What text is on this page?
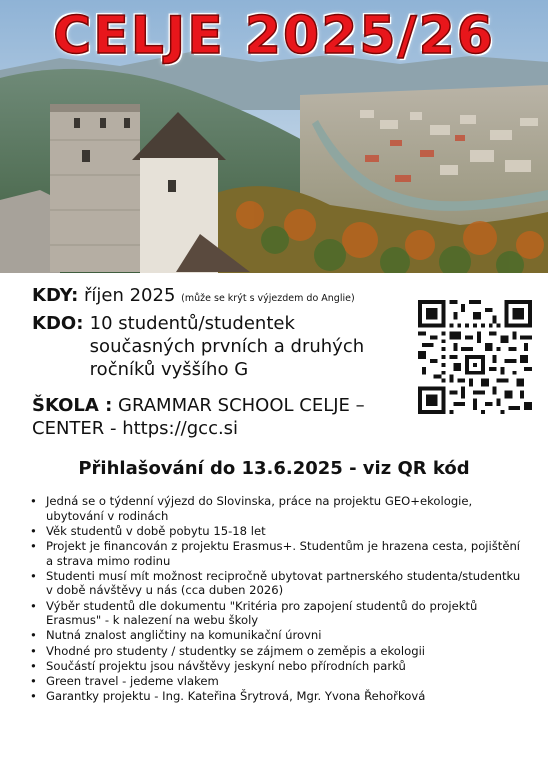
CELJE 2025/26
KDY: říjen 2025 (může se krýt s výjezdem do Anglie)
KDO: 10 studentů/studentek současných prvních a druhých ročníků vyššího G
ŠKOLA : GRAMMAR SCHOOL CELJE – CENTER - https://gcc.si
Přihlašování do 13.6.2025 - viz QR kód
• Jedná se o týdenní výjezd do Slovinska, práce na projektu GEO+ekologie, ubytování v rodinách
• Věk studentů v době pobytu 15-18 let
• Projekt je financován z projektu Erasmus+. Studentům je hrazena cesta, pojištění a strava mimo rodinu
• Studenti musí mít možnost recipročně ubytovat partnerského studenta/studentku v době návštěvy u nás (cca duben 2026)
• Výběr studentů dle dokumentu "Kritéria pro zapojení studentů do projektů Erasmus" - k nalezení na webu školy
• Nutná znalost angličtiny na komunikační úrovni
• Vhodné pro studenty / studentky se zájmem o zeměpis a ekologii
• Součástí projektu jsou návštěvy jeskyní nebo přírodních parků
• Green travel - jedeme vlakem
• Garantky projektu - Ing. Kateřina Šrytrová, Mgr. Yvona Řehořková
